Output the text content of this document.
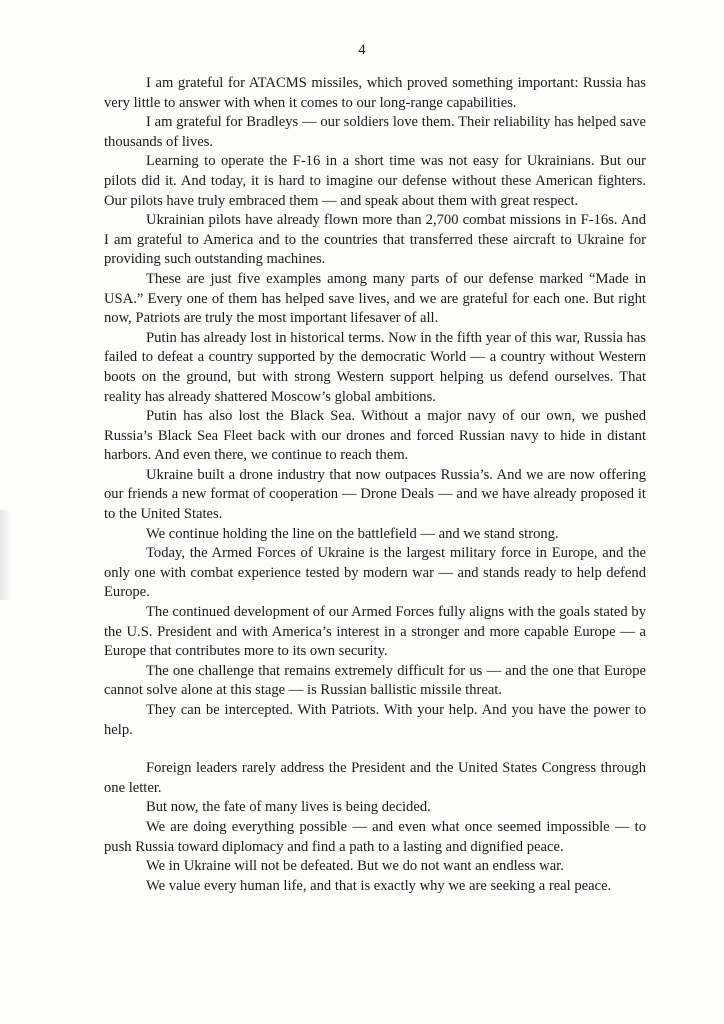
4

I am grateful for ATACMS missiles, which proved something important: Russia has very little to answer with when it comes to our long-range capabilities.

I am grateful for Bradleys — our soldiers love them. Their reliability has helped save thousands of lives.

Learning to operate the F-16 in a short time was not easy for Ukrainians. But our pilots did it. And today, it is hard to imagine our defense without these American fighters. Our pilots have truly embraced them — and speak about them with great respect.

Ukrainian pilots have already flown more than 2,700 combat missions in F-16s. And I am grateful to America and to the countries that transferred these aircraft to Ukraine for providing such outstanding machines.

These are just five examples among many parts of our defense marked “Made in USA.” Every one of them has helped save lives, and we are grateful for each one. But right now, Patriots are truly the most important lifesaver of all.

Putin has already lost in historical terms. Now in the fifth year of this war, Russia has failed to defeat a country supported by the democratic World — a country without Western boots on the ground, but with strong Western support helping us defend ourselves. That reality has already shattered Moscow’s global ambitions.

Putin has also lost the Black Sea. Without a major navy of our own, we pushed Russia’s Black Sea Fleet back with our drones and forced Russian navy to hide in distant harbors. And even there, we continue to reach them.

Ukraine built a drone industry that now outpaces Russia’s. And we are now offering our friends a new format of cooperation — Drone Deals — and we have already proposed it to the United States.

We continue holding the line on the battlefield — and we stand strong.

Today, the Armed Forces of Ukraine is the largest military force in Europe, and the only one with combat experience tested by modern war — and stands ready to help defend Europe.

The continued development of our Armed Forces fully aligns with the goals stated by the U.S. President and with America’s interest in a stronger and more capable Europe — a Europe that contributes more to its own security.

The one challenge that remains extremely difficult for us — and the one that Europe cannot solve alone at this stage — is Russian ballistic missile threat.

They can be intercepted. With Patriots. With your help. And you have the power to help.

Foreign leaders rarely address the President and the United States Congress through one letter.

But now, the fate of many lives is being decided.

We are doing everything possible — and even what once seemed impossible — to push Russia toward diplomacy and find a path to a lasting and dignified peace.

We in Ukraine will not be defeated. But we do not want an endless war.

We value every human life, and that is exactly why we are seeking a real peace.
